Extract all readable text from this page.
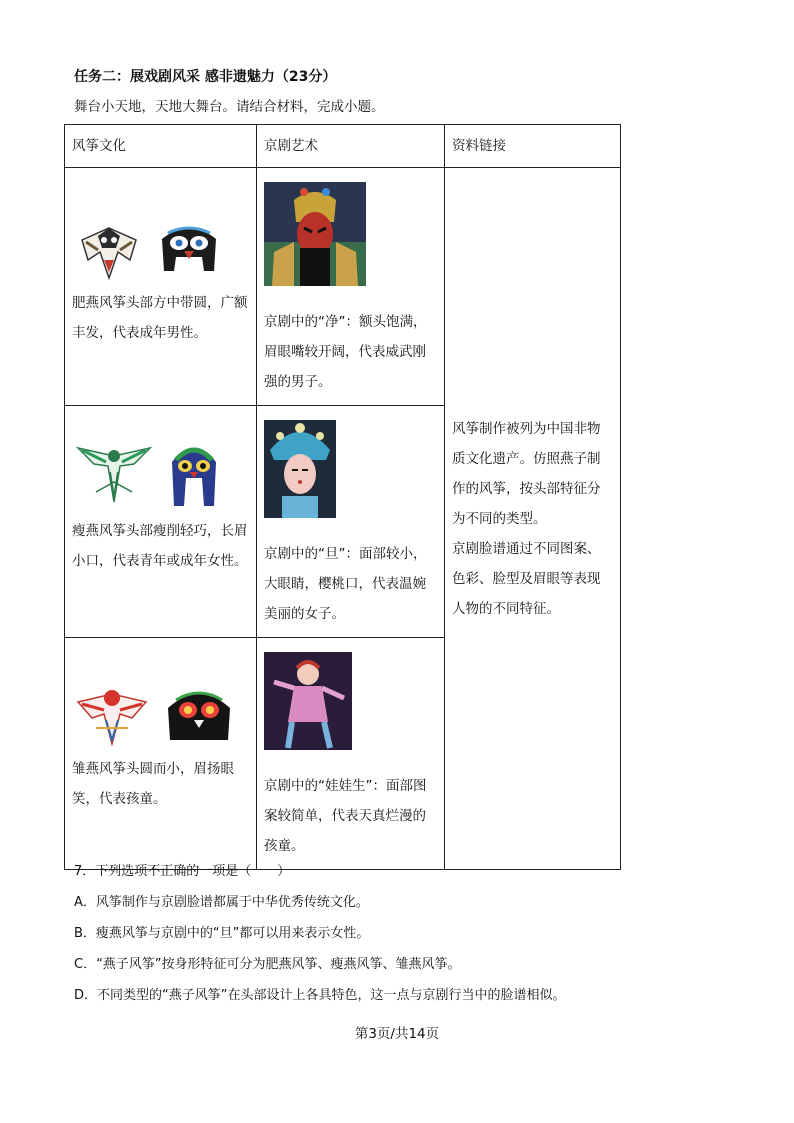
任务二：展戏剧风采 感非遗魅力（23分）
舞台小天地，天地大舞台。请结合材料，完成小题。
风筝文化	京剧艺术	资料链接

肥燕风筝头部方中带圆，广额丰发，代表成年男性。	京剧中的“净”：额头饱满，眉眼嘴较开阔，代表威武刚强的男子。	风筝制作被列为中国非物质文化遗产。仿照燕子制作的风筝，按头部特征分为不同的类型。
京剧脸谱通过不同图案、色彩、脸型及眉眼等表现人物的不同特征。

瘦燕风筝头部瘦削轻巧，长眉小口，代表青年或成年女性。	京剧中的“旦”：面部较小，大眼睛，樱桃口，代表温婉美丽的女子。	

雏燕风筝头圆而小，眉扬眼笑，代表孩童。	京剧中的“娃娃生”：面部图案较简单，代表天真烂漫的孩童。	
7．下列选项不正确的一项是（　　）
A．风筝制作与京剧脸谱都属于中华优秀传统文化。
B．瘦燕风筝与京剧中的“旦”都可以用来表示女性。
C．“燕子风筝”按身形特征可分为肥燕风筝、瘦燕风筝、雏燕风筝。
D．不同类型的“燕子风筝”在头部设计上各具特色，这一点与京剧行当中的脸谱相似。
第3页/共14页
